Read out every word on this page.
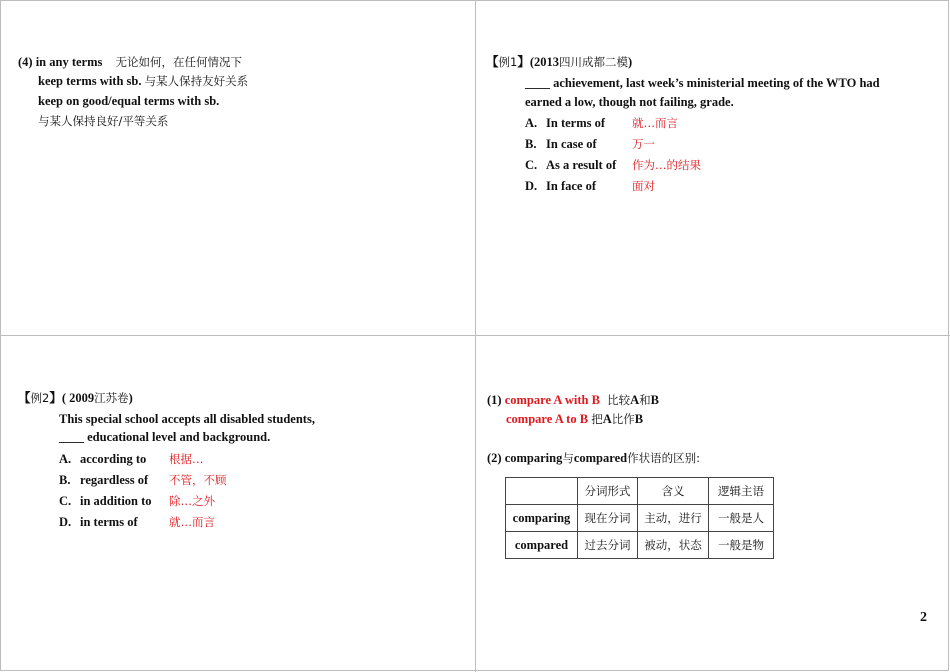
(4) in any terms 无论如何，在任何情况下
keep terms with sb. 与某人保持友好关系
keep on good/equal terms with sb.
与某人保持良好/平等关系
【例1】(2013四川成都二模)
____ achievement, last week’s ministerial meeting of the WTO had
earned a low, though not failing, grade.
A. In terms of 就…而言
B. In case of	万一
C. As a result of 作为…的结果
D. In face of	面对
【例2】( 2009江苏卷)
This special school accepts all disabled students,
____ educational level and background.
A. according to 根据…
B. regardless of 不管，不顾
C. in addition to 除…之外
D. in terms of	就…而言
(1) compare A with B 比较A和B
compare A to B 把A比作B
(2) comparing与compared作状语的区别:
	分词形式	含义	逻辑主语
comparing	现在分词	主动，进行	一般是人
compared	过去分词	被动，状态	一般是物
2
